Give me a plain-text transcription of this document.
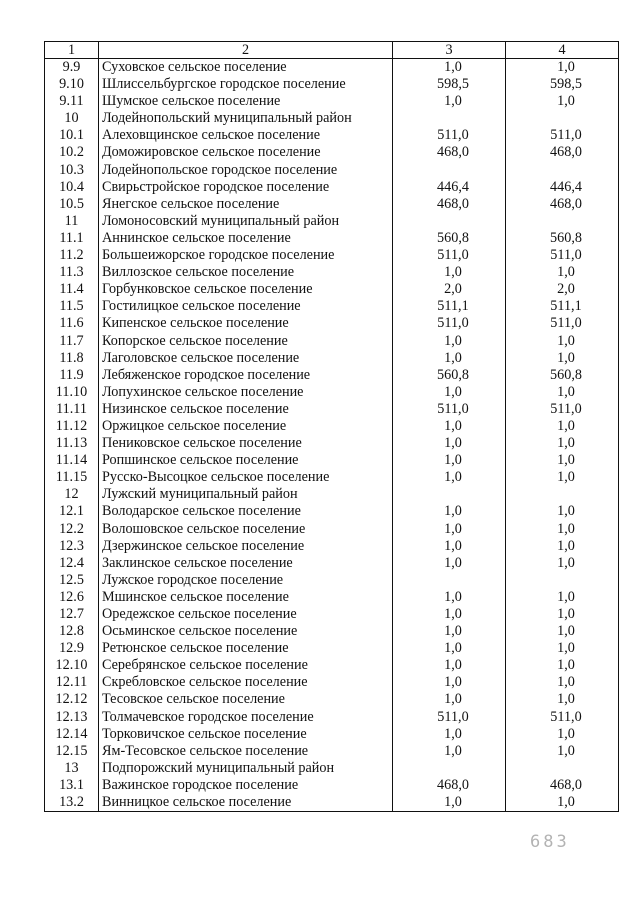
1	2	3	4
9.9	Суховское сельское поселение	1,0	1,0
9.10	Шлиссельбургское городское поселение	598,5	598,5
9.11	Шумское сельское поселение	1,0	1,0
10	Лодейнопольский муниципальный район		
10.1	Алеховщинское сельское поселение	511,0	511,0
10.2	Доможировское сельское поселение	468,0	468,0
10.3	Лодейнопольское городское поселение		
10.4	Свирьстройское городское поселение	446,4	446,4
10.5	Янегское сельское поселение	468,0	468,0
11	Ломоносовский муниципальный район		
11.1	Аннинское сельское поселение	560,8	560,8
11.2	Большеижорское городское поселение	511,0	511,0
11.3	Виллозское сельское поселение	1,0	1,0
11.4	Горбунковское сельское поселение	2,0	2,0
11.5	Гостилицкое сельское поселение	511,1	511,1
11.6	Кипенское сельское поселение	511,0	511,0
11.7	Копорское сельское поселение	1,0	1,0
11.8	Лаголовское сельское поселение	1,0	1,0
11.9	Лебяженское городское поселение	560,8	560,8
11.10	Лопухинское сельское поселение	1,0	1,0
11.11	Низинское сельское поселение	511,0	511,0
11.12	Оржицкое сельское поселение	1,0	1,0
11.13	Пениковское сельское поселение	1,0	1,0
11.14	Ропшинское сельское поселение	1,0	1,0
11.15	Русско-Высоцкое сельское поселение	1,0	1,0
12	Лужский муниципальный район		
12.1	Володарское сельское поселение	1,0	1,0
12.2	Волошовское сельское поселение	1,0	1,0
12.3	Дзержинское сельское поселение	1,0	1,0
12.4	Заклинское сельское поселение	1,0	1,0
12.5	Лужское городское поселение		
12.6	Мшинское сельское поселение	1,0	1,0
12.7	Оредежское сельское поселение	1,0	1,0
12.8	Осьминское сельское поселение	1,0	1,0
12.9	Ретюнское сельское поселение	1,0	1,0
12.10	Серебрянское сельское поселение	1,0	1,0
12.11	Скребловское сельское поселение	1,0	1,0
12.12	Тесовское сельское поселение	1,0	1,0
12.13	Толмачевское городское поселение	511,0	511,0
12.14	Торковичское сельское поселение	1,0	1,0
12.15	Ям-Тесовское сельское поселение	1,0	1,0
13	Подпорожский муниципальный район		
13.1	Важинское городское поселение	468,0	468,0
13.2	Винницкое сельское поселение	1,0	1,0
683
